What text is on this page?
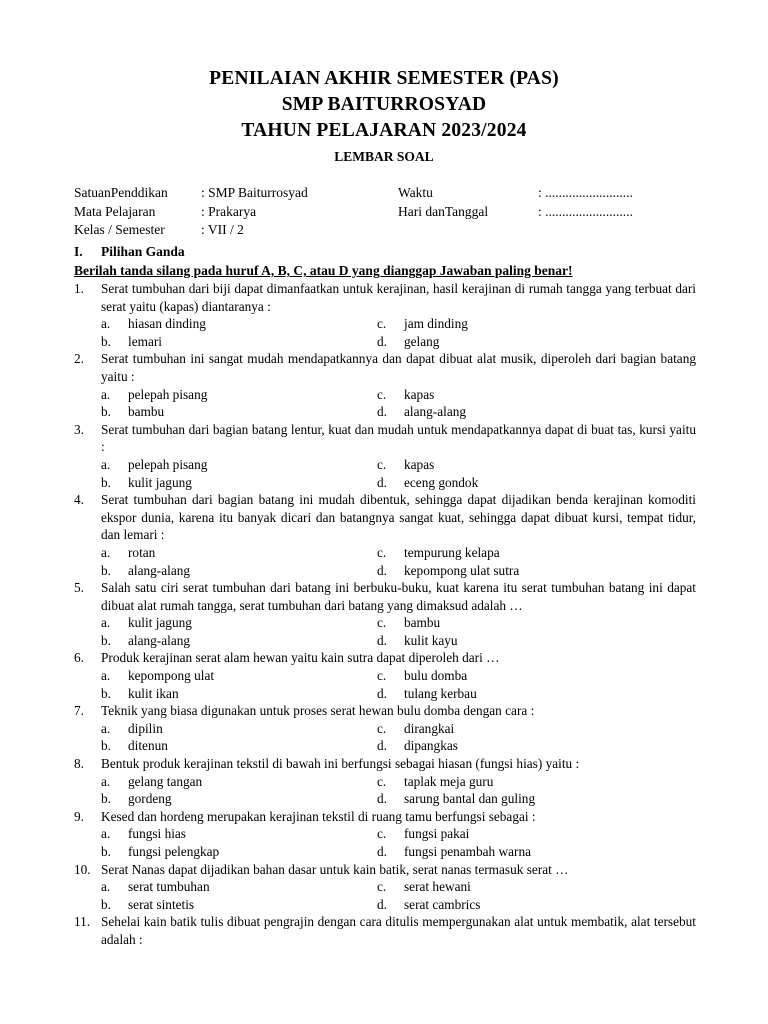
PENILAIAN AKHIR SEMESTER (PAS)
SMP BAITURROSYAD
TAHUN PELAJARAN 2023/2024
LEMBAR SOAL
SatuanPenddikan : SMP Baiturrosyad	Waktu	: ..........................
Mata Pelajaran	: Prakarya	Hari danTanggal	: ..........................
Kelas / Semester	: VII / 2
I. Pilihan Ganda
Berilah tanda silang pada huruf A, B, C, atau D yang dianggap Jawaban paling benar!
1. Serat tumbuhan dari biji dapat dimanfaatkan untuk kerajinan, hasil kerajinan di rumah tangga yang terbuat dari serat yaitu (kapas) diantaranya :
a. hiasan dinding	c. jam dinding
b. lemari	d. gelang
2. Serat tumbuhan ini sangat mudah mendapatkannya dan dapat dibuat alat musik, diperoleh dari bagian batang yaitu :
a. pelepah pisang	c. kapas
b. bambu	d. alang-alang
3. Serat tumbuhan dari bagian batang lentur, kuat dan mudah untuk mendapatkannya dapat di buat tas, kursi yaitu :
a. pelepah pisang	c. kapas
b. kulit jagung	d. eceng gondok
4. Serat tumbuhan dari bagian batang ini mudah dibentuk, sehingga dapat dijadikan benda kerajinan komoditi ekspor dunia, karena itu banyak dicari dan batangnya sangat kuat, sehingga dapat dibuat kursi, tempat tidur, dan lemari :
a. rotan	c. tempurung kelapa
b. alang-alang	d. kepompong ulat sutra
5. Salah satu ciri serat tumbuhan dari batang ini berbuku-buku, kuat karena itu serat tumbuhan batang ini dapat dibuat alat rumah tangga, serat tumbuhan dari batang yang dimaksud adalah …
a. kulit jagung	c. bambu
b. alang-alang	d. kulit kayu
6. Produk kerajinan serat alam hewan yaitu kain sutra dapat diperoleh dari …
a. kepompong ulat	c. bulu domba
b. kulit ikan	d. tulang kerbau
7. Teknik yang biasa digunakan untuk proses serat hewan bulu domba dengan cara :
a. dipilin	c. dirangkai
b. ditenun	d. dipangkas
8. Bentuk produk kerajinan tekstil di bawah ini berfungsi sebagai hiasan (fungsi hias) yaitu :
a. gelang tangan	c. taplak meja guru
b. gordeng	d. sarung bantal dan guling
9. Kesed dan hordeng merupakan kerajinan tekstil di ruang tamu berfungsi sebagai :
a. fungsi hias	c. fungsi pakai
b. fungsi pelengkap	d. fungsi penambah warna
10. Serat Nanas dapat dijadikan bahan dasar untuk kain batik, serat nanas termasuk serat …
a. serat tumbuhan	c. serat hewani
b. serat sintetis	d. serat cambrics
11. Sehelai kain batik tulis dibuat pengrajin dengan cara ditulis mempergunakan alat untuk membatik, alat tersebut adalah :
